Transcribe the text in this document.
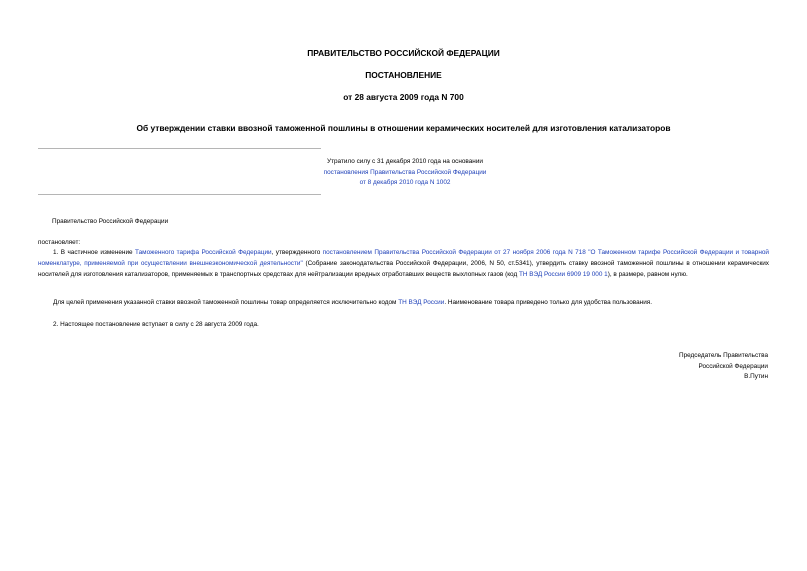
ПРАВИТЕЛЬСТВО РОССИЙСКОЙ ФЕДЕРАЦИИ
ПОСТАНОВЛЕНИЕ
от 28 августа 2009 года N 700
Об утверждении ставки ввозной таможенной пошлины в отношении керамических носителей для изготовления катализаторов
Утратило силу с 31 декабря 2010 года на основании
постановления Правительства Российской Федерации
от 8 декабря 2010 года N 1002
Правительство Российской Федерации
постановляет:
1. В частичное изменение Таможенного тарифа Российской Федерации, утвержденного постановлением Правительства Российской Федерации от 27 ноября 2006 года N 718 "О Таможенном тарифе Российской Федерации и товарной номенклатуре, применяемой при осуществлении внешнеэкономической деятельности" (Собрание законодательства Российской Федерации, 2006, N 50, ст.5341), утвердить ставку ввозной таможенной пошлины в отношении керамических носителей для изготовления катализаторов, применяемых в транспортных средствах для нейтрализации вредных отработавших веществ выхлопных газов (код ТН ВЭД России 6909 19 000 1), в размере, равном нулю.
Для целей применения указанной ставки ввозной таможенной пошлины товар определяется исключительно кодом ТН ВЭД России. Наименование товара приведено только для удобства пользования.
2. Настоящее постановление вступает в силу с 28 августа 2009 года.
Председатель Правительства
Российской Федерации
В.Путин
